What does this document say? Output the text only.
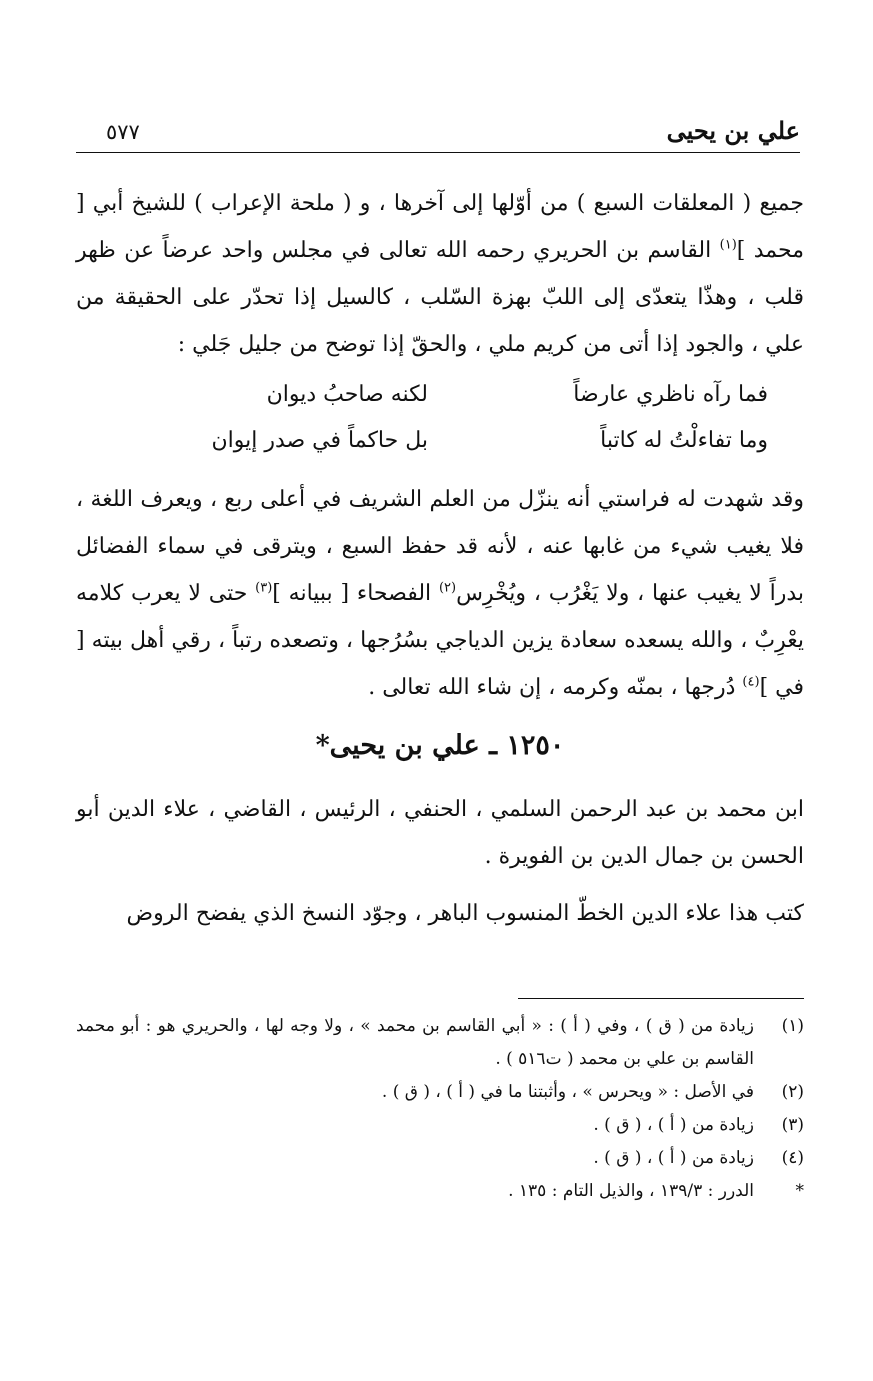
علي بن يحيى
٥٧٧
جميع ( المعلقات السبع ) من أوّلها إلى آخرها ، و ( ملحة الإعراب ) للشيخ أبي [ محمد ]$^{(١)}$ القاسم بن الحريري رحمه الله تعالى في مجلس واحد عرضاً عن ظهر قلب ، وهذّا يتعدّى إلى اللبّ بهزة السّلب ، كالسيل إذا تحدّر على الحقيقة من علي ، والجود إذا أتى من كريم ملي ، والحقّ إذا توضح من جليل جَلي :
فما رآه ناظري عارضاً
لكنه صاحبُ ديوان
وما تفاءلْتُ له كاتباً
بل حاكماً في صدر إيوان
وقد شهدت له فراستي أنه ينزّل من العلم الشريف في أعلى ربع ، ويعرف اللغة ، فلا يغيب شيء من غابها عنه ، لأنه قد حفظ السبع ، ويترقى في سماء الفضائل بدراً لا يغيب عنها ، ولا يَغْرُب ، ويُخْرِس$^{(٢)}$ الفصحاء [ ببيانه ]$^{(٣)}$ حتى لا يعرب كلامه يعْرِبٌ ، والله يسعده سعادة يزين الدياجي بسُرُجها ، وتصعده رتباً ، رقي أهل بيته [ في ]$^{(٤)}$ دُرجها ، بمنّه وكرمه ، إن شاء الله تعالى .
١٢٥٠ ـ علي بن يحيى*
ابن محمد بن عبد الرحمن السلمي ، الحنفي ، الرئيس ، القاضي ، علاء الدين أبو الحسن بن جمال الدين بن الفويرة .
كتب هذا علاء الدين الخطّ المنسوب الباهر ، وجوّد النسخ الذي يفضح الروض
(١)
زيادة من ( ق ) ، وفي ( أ ) : « أبي القاسم بن محمد » ، ولا وجه لها ، والحريري هو : أبو محمد القاسم بن علي بن محمد ( ت٥١٦ ) .
(٢)
في الأصل : « ويحرس » ، وأثبتنا ما في ( أ ) ، ( ق ) .
(٣)
زيادة من ( أ ) ، ( ق ) .
(٤)
زيادة من ( أ ) ، ( ق ) .
*
الدرر : ١٣٩/٣ ، والذيل التام : ١٣٥ .
